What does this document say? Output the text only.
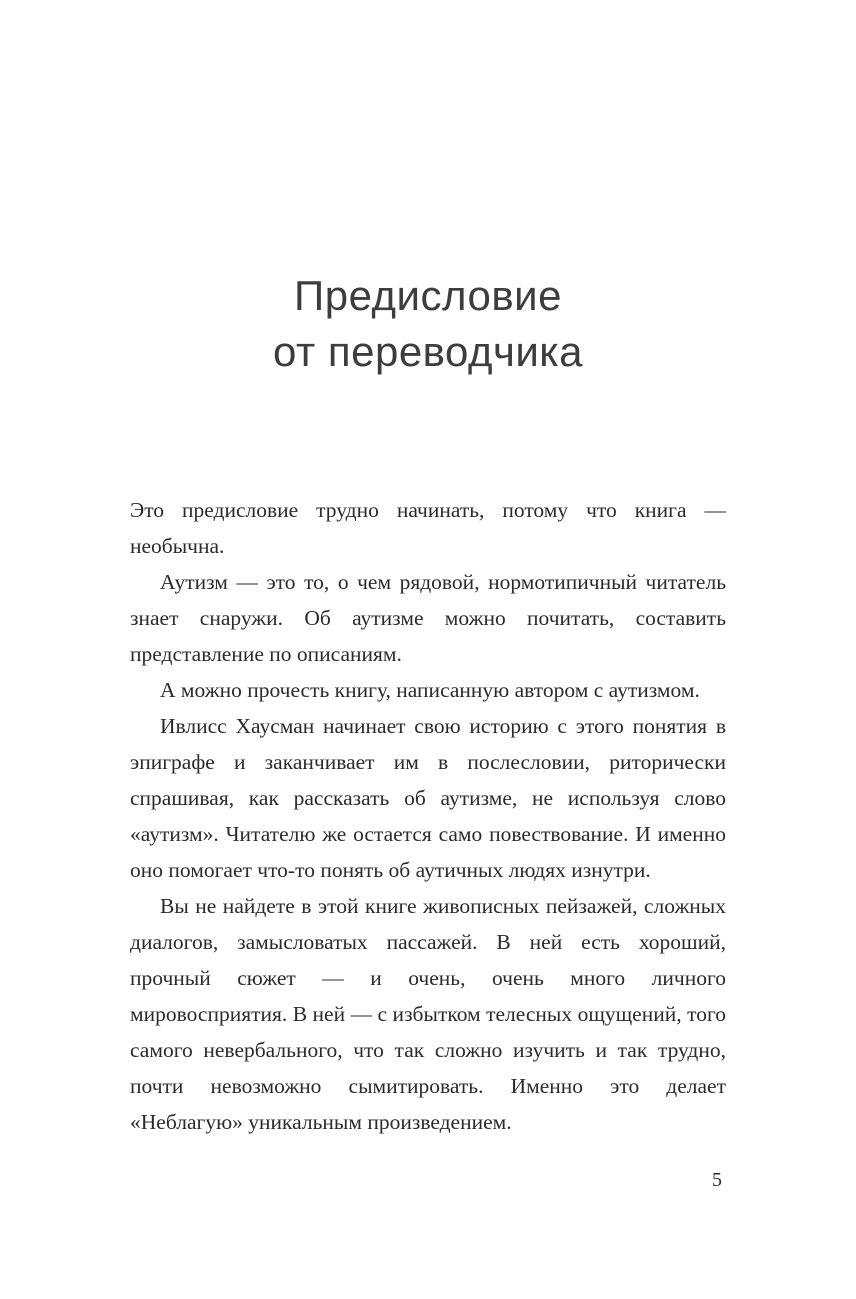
Предисловие
от переводчика

Это предисловие трудно начинать, потому что книга — необычна.

Аутизм — это то, о чем рядовой, нормотипичный читатель знает снаружи. Об аутизме можно почитать, составить представление по описаниям.

А можно прочесть книгу, написанную автором с аутизмом.

Ивлисс Хаусман начинает свою историю с этого понятия в эпиграфе и заканчивает им в послесловии, риторически спрашивая, как рассказать об аутизме, не используя слово «аутизм». Читателю же остается само повествование. И именно оно помогает что-то понять об аутичных людях изнутри.

Вы не найдете в этой книге живописных пейзажей, сложных диалогов, замысловатых пассажей. В ней есть хороший, прочный сюжет — и очень, очень много личного мировосприятия. В ней — с избытком телесных ощущений, того самого невербального, что так сложно изучить и так трудно, почти невозможно сымитировать. Именно это делает «Неблагую» уникальным произведением.

5
